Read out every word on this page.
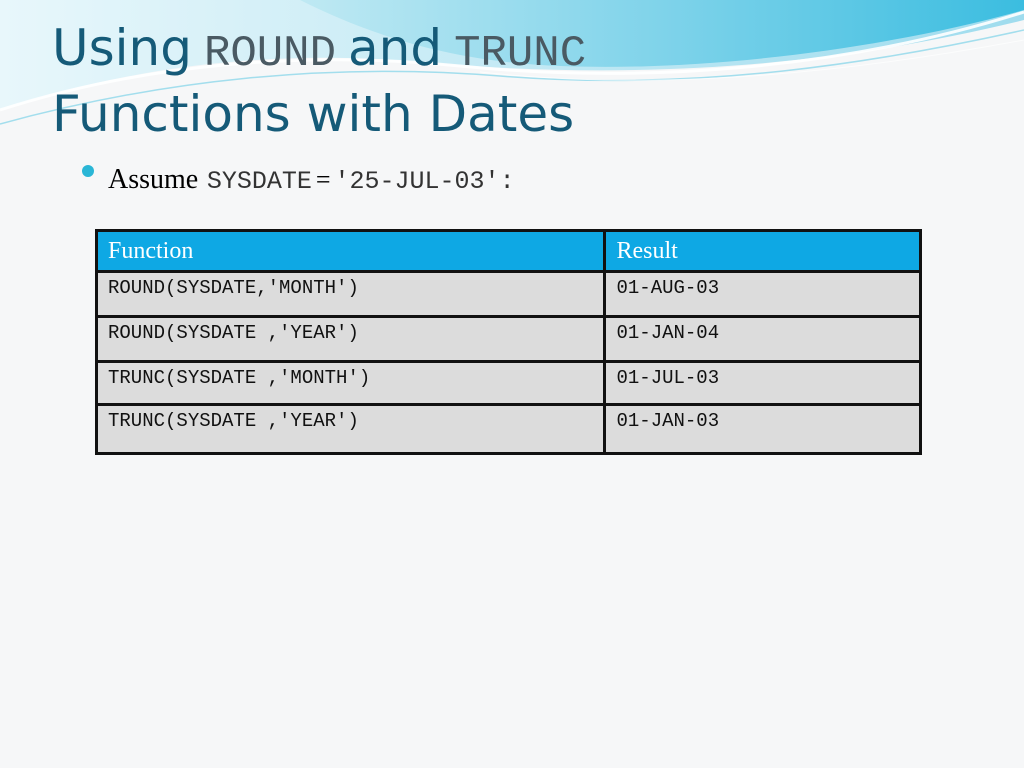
Using ROUND and TRUNC
Functions with Dates
Assume SYSDATE = '25-JUL-03':
Function	Result
ROUND(SYSDATE,'MONTH')	01-AUG-03
ROUND(SYSDATE ,'YEAR')	01-JAN-04
TRUNC(SYSDATE ,'MONTH')	01-JUL-03
TRUNC(SYSDATE ,'YEAR')	01-JAN-03
